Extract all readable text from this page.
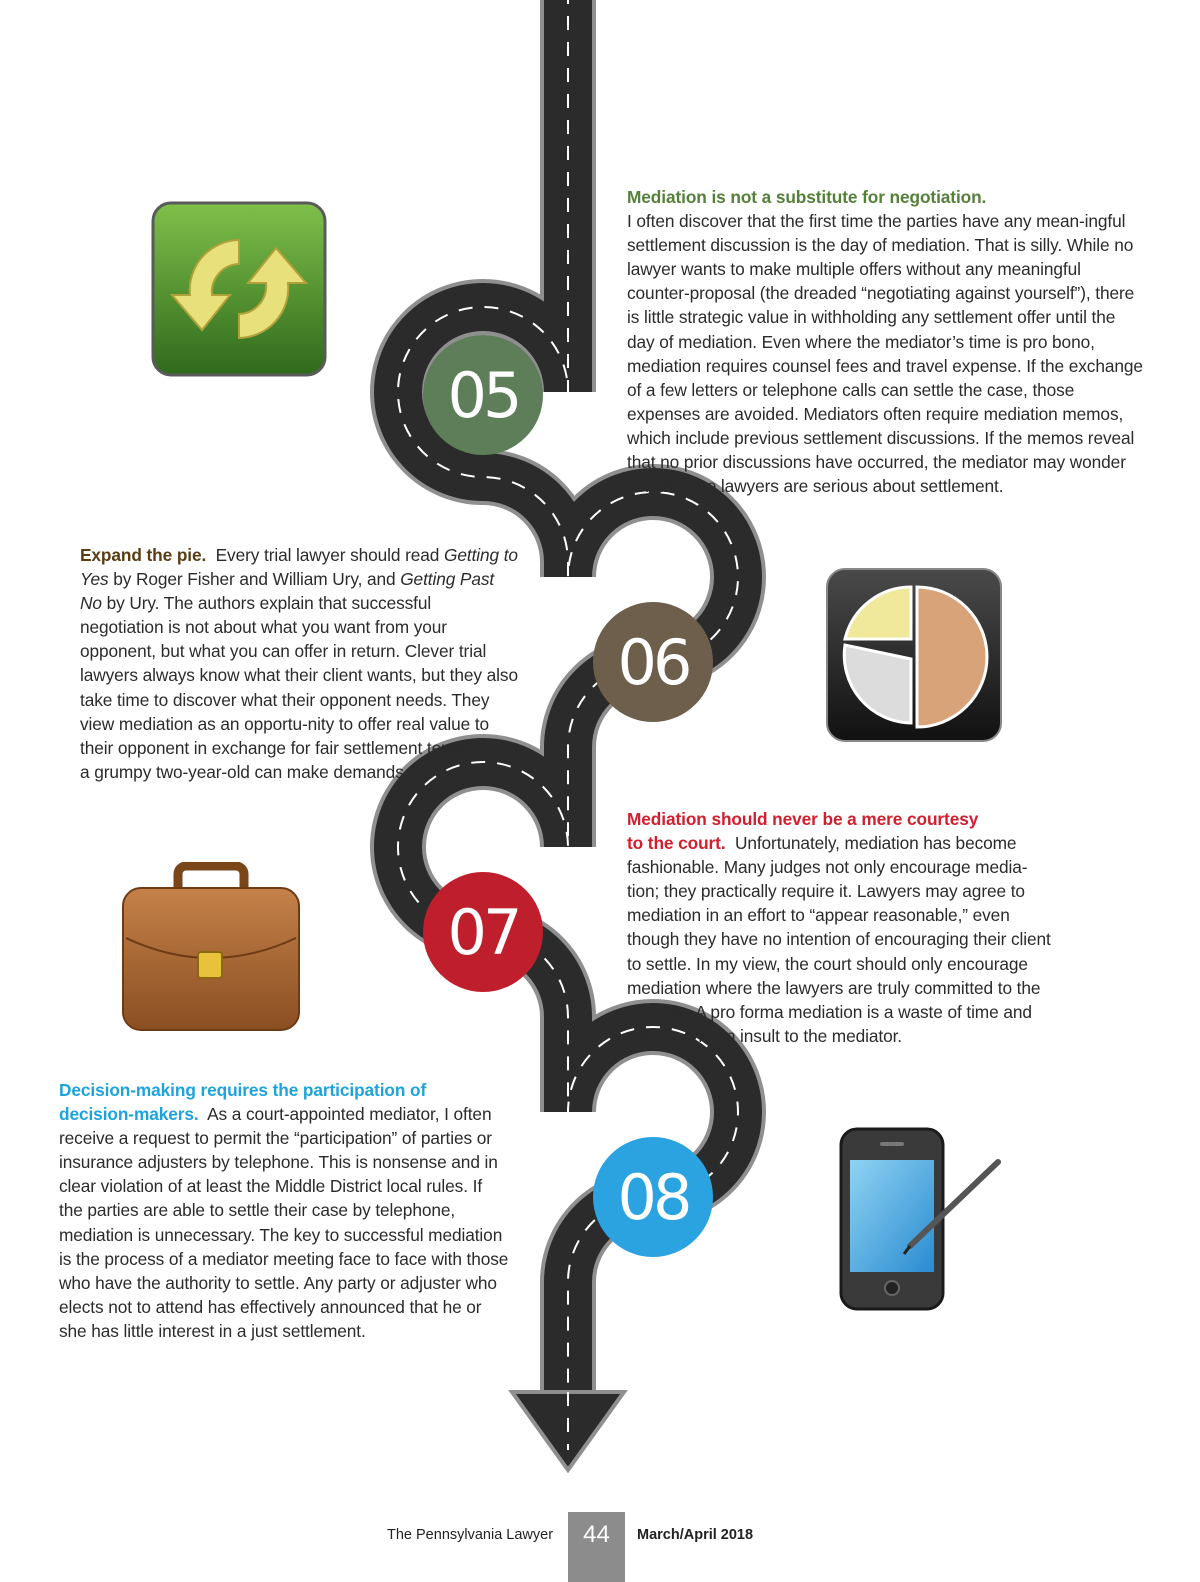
05
06
07
08

Mediation is not a substitute for negotiation.

I often discover that the first time the parties have any mean-ingful settlement discussion is the day of mediation. That is silly. While no lawyer wants to make multiple offers without any meaningful counter-proposal (the dreaded “negotiating against yourself”), there is little strategic value in withholding any settlement offer until the day of mediation. Even where the mediator’s time is pro bono, mediation requires counsel fees and travel expense. If the exchange of a few letters or telephone calls can settle the case, those expenses are avoided. Mediators often require mediation memos, which include previous settlement discussions. If the memos reveal that no prior discussions have occurred, the mediator may wonder whether the lawyers are serious about settlement.

Expand the pie. Every trial lawyer should read Getting to Yes by Roger Fisher and William Ury, and Getting Past No by Ury. The authors explain that successful negotiation is not about what you want from your opponent, but what you can offer in return. Clever trial lawyers always know what their client wants, but they also take time to discover what their opponent needs. They view mediation as an opportu-nity to offer real value to their opponent in exchange for fair settlement terms. Even a grumpy two-year-old can make demands.

Mediation should never be a mere courtesy

to the court. Unfortunately, mediation has become fashionable. Many judges not only encourage media-tion; they practically require it. Lawyers may agree to mediation in an effort to “appear reasonable,” even though they have no intention of encouraging their client to settle. In my view, the court should only encourage mediation where the lawyers are truly committed to the process. A pro forma mediation is a waste of time and money and an insult to the mediator.

Decision-making requires the participation of

decision-makers. As a court-appointed mediator, I often receive a request to permit the “participation” of parties or insurance adjusters by telephone. This is nonsense and in clear violation of at least the Middle District local rules. If the parties are able to settle their case by telephone, mediation is unnecessary. The key to successful mediation is the process of a mediator meeting face to face with those who have the authority to settle. Any party or adjuster who elects not to attend has effectively announced that he or she has little interest in a just settlement.

The Pennsylvania Lawyer	44	March/April 2018
